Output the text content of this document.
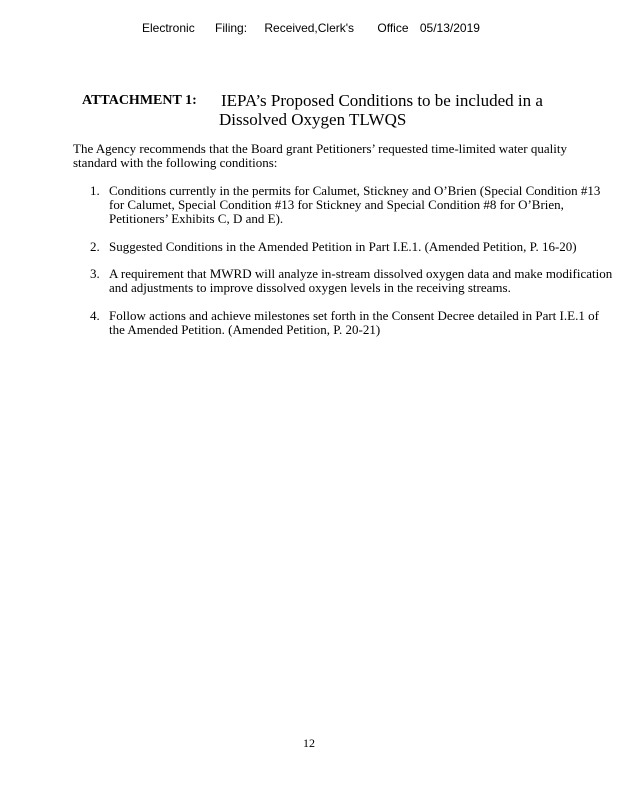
Electronic Filing: Received,Clerk's Office 05/13/2019
ATTACHMENT 1: IEPA’s Proposed Conditions to be included in a
Dissolved Oxygen TLWQS

The Agency recommends that the Board grant Petitioners’ requested time-limited water quality standard with the following conditions:

1. Conditions currently in the permits for Calumet, Stickney and O’Brien (Special Condition #13 for Calumet, Special Condition #13 for Stickney and Special Condition #8 for O’Brien, Petitioners’ Exhibits C, D and E).
2. Suggested Conditions in the Amended Petition in Part I.E.1. (Amended Petition, P. 16-20)
3. A requirement that MWRD will analyze in-stream dissolved oxygen data and make modification and adjustments to improve dissolved oxygen levels in the receiving streams.
4. Follow actions and achieve milestones set forth in the Consent Decree detailed in Part I.E.1 of the Amended Petition. (Amended Petition, P. 20-21)
12
